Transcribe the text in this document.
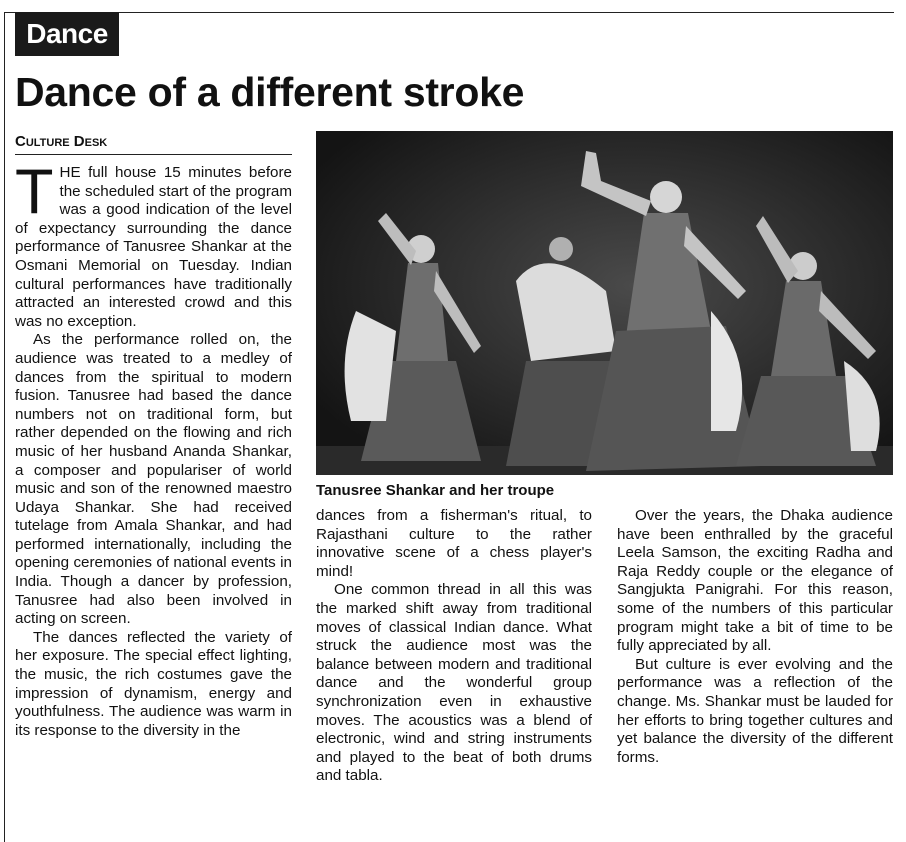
Dance
Dance of a different stroke
Culture Desk

THE full house 15 minutes before the scheduled start of the program was a good indication of the level of expectancy surrounding the dance performance of Tanusree Shankar at the Osmani Memorial on Tuesday. Indian cultural performances have traditionally attracted an interested crowd and this was no exception.

As the performance rolled on, the audience was treated to a medley of dances from the spiritual to modern fusion. Tanusree had based the dance numbers not on traditional form, but rather depended on the flowing and rich music of her husband Ananda Shankar, a composer and populariser of world music and son of the renowned maestro Udaya Shankar. She had received tutelage from Amala Shankar, and had performed internationally, including the opening ceremonies of national events in India. Though a dancer by profession, Tanusree had also been involved in acting on screen.

The dances reflected the variety of her exposure. The special effect lighting, the music, the rich costumes gave the impression of dynamism, energy and youthfulness. The audience was warm in its response to the diversity in the

Tanusree Shankar and her troupe

dances from a fisherman's ritual, to Rajasthani culture to the rather innovative scene of a chess player's mind!

One common thread in all this was the marked shift away from traditional moves of classical Indian dance. What struck the audience most was the balance between modern and traditional dance and the wonderful group synchronization even in exhaustive moves. The acoustics was a blend of electronic, wind and string instruments and played to the beat of both drums and tabla.

Over the years, the Dhaka audience have been enthralled by the graceful Leela Samson, the exciting Radha and Raja Reddy couple or the elegance of Sangjukta Panigrahi. For this reason, some of the numbers of this particular program might take a bit of time to be fully appreciated by all.

But culture is ever evolving and the performance was a reflection of the change. Ms. Shankar must be lauded for her efforts to bring together cultures and yet balance the diversity of the different forms.
